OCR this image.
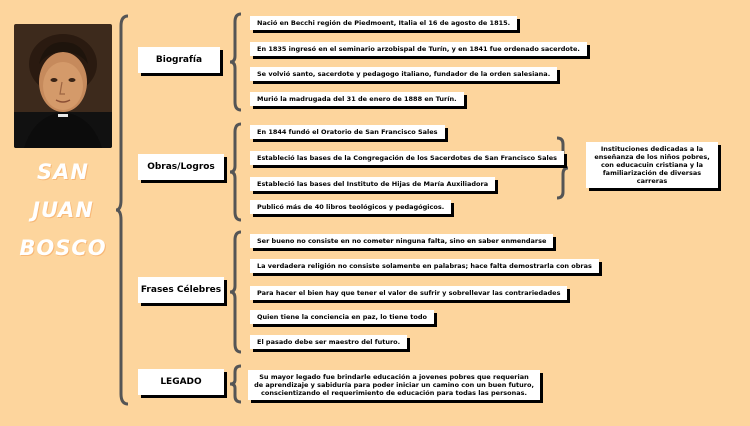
SAN
JUAN
BOSCO
Biografía
Obras/Logros
Frases Célebres
LEGADO
Nació en Becchi región de Piedmoent, Italia el 16 de agosto de 1815.
En 1835 ingresó en el seminario arzobispal de Turín, y en 1841 fue ordenado sacerdote.
Se volvió santo, sacerdote y pedagogo italiano, fundador de la orden salesiana.
Murió la madrugada del 31 de enero de 1888 en Turín.
En 1844 fundó el Oratorio de San Francisco Sales
Estableció las bases de la Congregación de los Sacerdotes de San Francisco Sales
Estableció las bases del Instituto de Hijas de María Auxiliadora
Publicó más de 40 libros teológicos y pedagógicos.
Instituciones dedicadas a la enseñanza de los niños pobres, con educacuin cristiana y la familiarización de diversas carreras
Ser bueno no consiste en no cometer ninguna falta, sino en saber enmendarse
La verdadera religión no consiste solamente en palabras; hace falta demostrarla con obras
Para hacer el bien hay que tener el valor de sufrir y sobrellevar las contrariedades
Quien tiene la conciencia en paz, lo tiene todo
El pasado debe ser maestro del futuro.
Su mayor legado fue brindarle educación a jovenes pobres que requerian de aprendizaje y sabiduría para poder iniciar un camino con un buen futuro, conscientizando el requerimiento de educación para todas las personas.
